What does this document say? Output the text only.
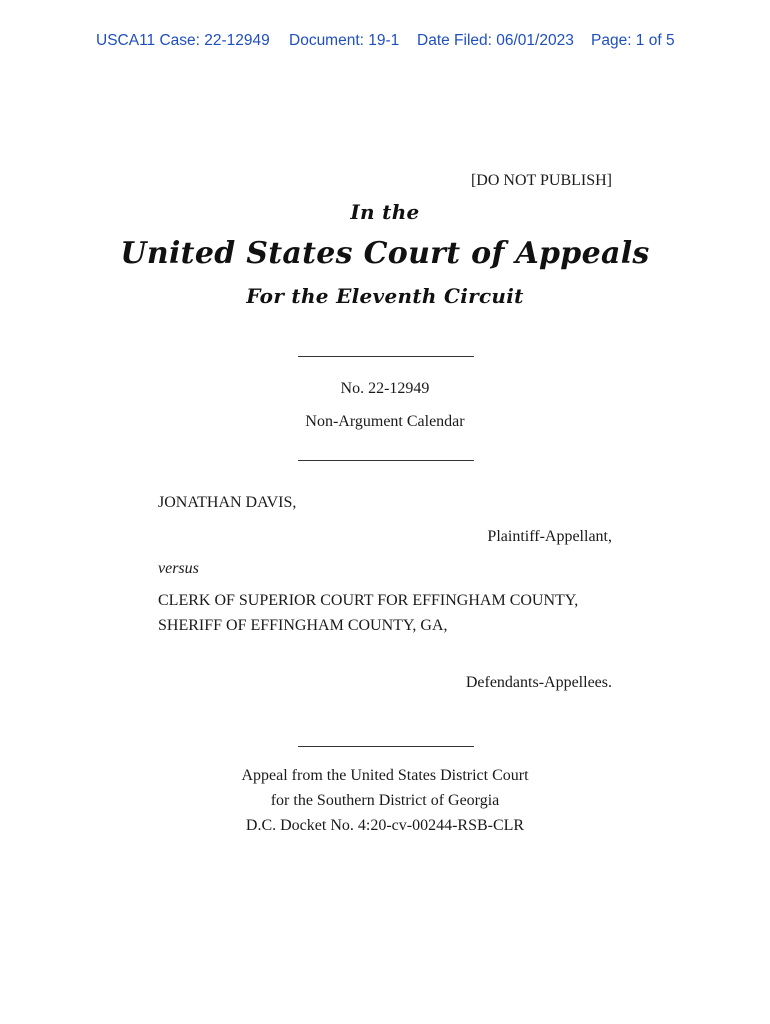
USCA11 Case: 22-12949 Document: 19-1 Date Filed: 06/01/2023 Page: 1 of 5
[DO NOT PUBLISH]
In the
United States Court of Appeals
For the Eleventh Circuit
No. 22-12949
Non-Argument Calendar
JONATHAN DAVIS,
Plaintiff-Appellant,
versus
CLERK OF SUPERIOR COURT FOR EFFINGHAM COUNTY,
SHERIFF OF EFFINGHAM COUNTY, GA,
Defendants-Appellees.
Appeal from the United States District Court
for the Southern District of Georgia
D.C. Docket No. 4:20-cv-00244-RSB-CLR
